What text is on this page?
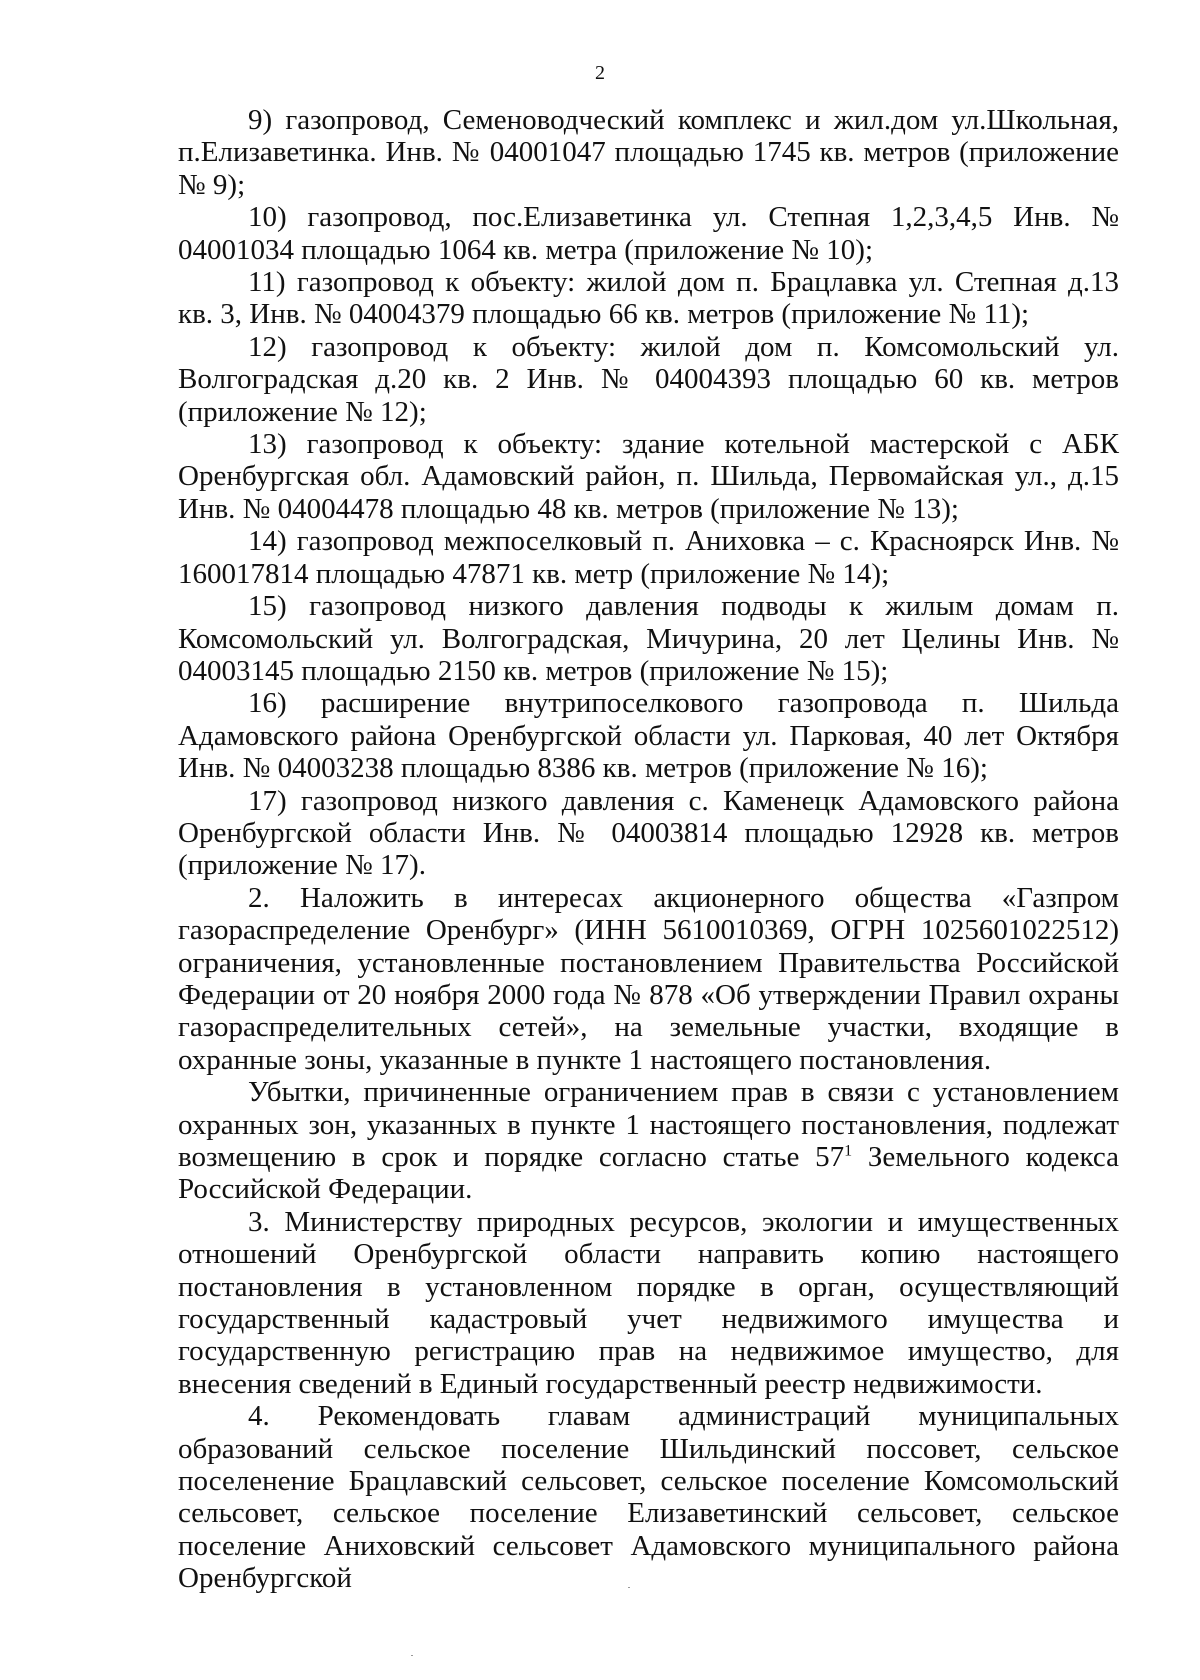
2

9) газопровод, Семеноводческий комплекс и жил.дом ул.Школьная, п.Елизаветинка. Инв. № 04001047 площадью 1745 кв. метров (приложение № 9);

10) газопровод, пос.Елизаветинка ул. Степная 1,2,3,4,5 Инв. № 04001034 площадью 1064 кв. метра (приложение № 10);

11) газопровод к объекту: жилой дом п. Брацлавка ул. Степная д.13 кв. 3, Инв. № 04004379 площадью 66 кв. метров (приложение № 11);

12) газопровод к объекту: жилой дом п. Комсомольский ул. Волгоградская д.20 кв. 2 Инв. № 04004393 площадью 60 кв. метров (приложение № 12);

13) газопровод к объекту: здание котельной мастерской с АБК Оренбургская обл. Адамовский район, п. Шильда, Первомайская ул., д.15 Инв. № 04004478 площадью 48 кв. метров (приложение № 13);

14) газопровод межпоселковый п. Аниховка – с. Красноярск Инв. № 160017814 площадью 47871 кв. метр (приложение № 14);

15) газопровод низкого давления подводы к жилым домам п. Комсомольский ул. Волгоградская, Мичурина, 20 лет Целины Инв. № 04003145 площадью 2150 кв. метров (приложение № 15);

16) расширение внутрипоселкового газопровода п. Шильда Адамовского района Оренбургской области ул. Парковая, 40 лет Октября Инв. № 04003238 площадью 8386 кв. метров (приложение № 16);

17) газопровод низкого давления с. Каменецк Адамовского района Оренбургской области Инв. № 04003814 площадью 12928 кв. метров (приложение № 17).

2. Наложить в интересах акционерного общества «Газпром газораспределение Оренбург» (ИНН 5610010369, ОГРН 1025601022512) ограничения, установленные постановлением Правительства Российской Федерации от 20 ноября 2000 года № 878 «Об утверждении Правил охраны газораспределительных сетей», на земельные участки, входящие в охранные зоны, указанные в пункте 1 настоящего постановления.

Убытки, причиненные ограничением прав в связи с установлением охранных зон, указанных в пункте 1 настоящего постановления, подлежат возмещению в срок и порядке согласно статье $57^1$ Земельного кодекса Российской Федерации.

3. Министерству природных ресурсов, экологии и имущественных отношений Оренбургской области направить копию настоящего постановления в установленном порядке в орган, осуществляющий государственный кадастровый учет недвижимого имущества и государственную регистрацию прав на недвижимое имущество, для внесения сведений в Единый государственный реестр недвижимости.

4. Рекомендовать главам администраций муниципальных образований сельское поселение Шильдинский поссовет, сельское поселенение Брацлавский сельсовет, сельское поселение Комсомольский сельсовет, сельское поселение Елизаветинский сельсовет, сельское поселение Аниховский сельсовет Адамовского муниципального района Оренбургской
